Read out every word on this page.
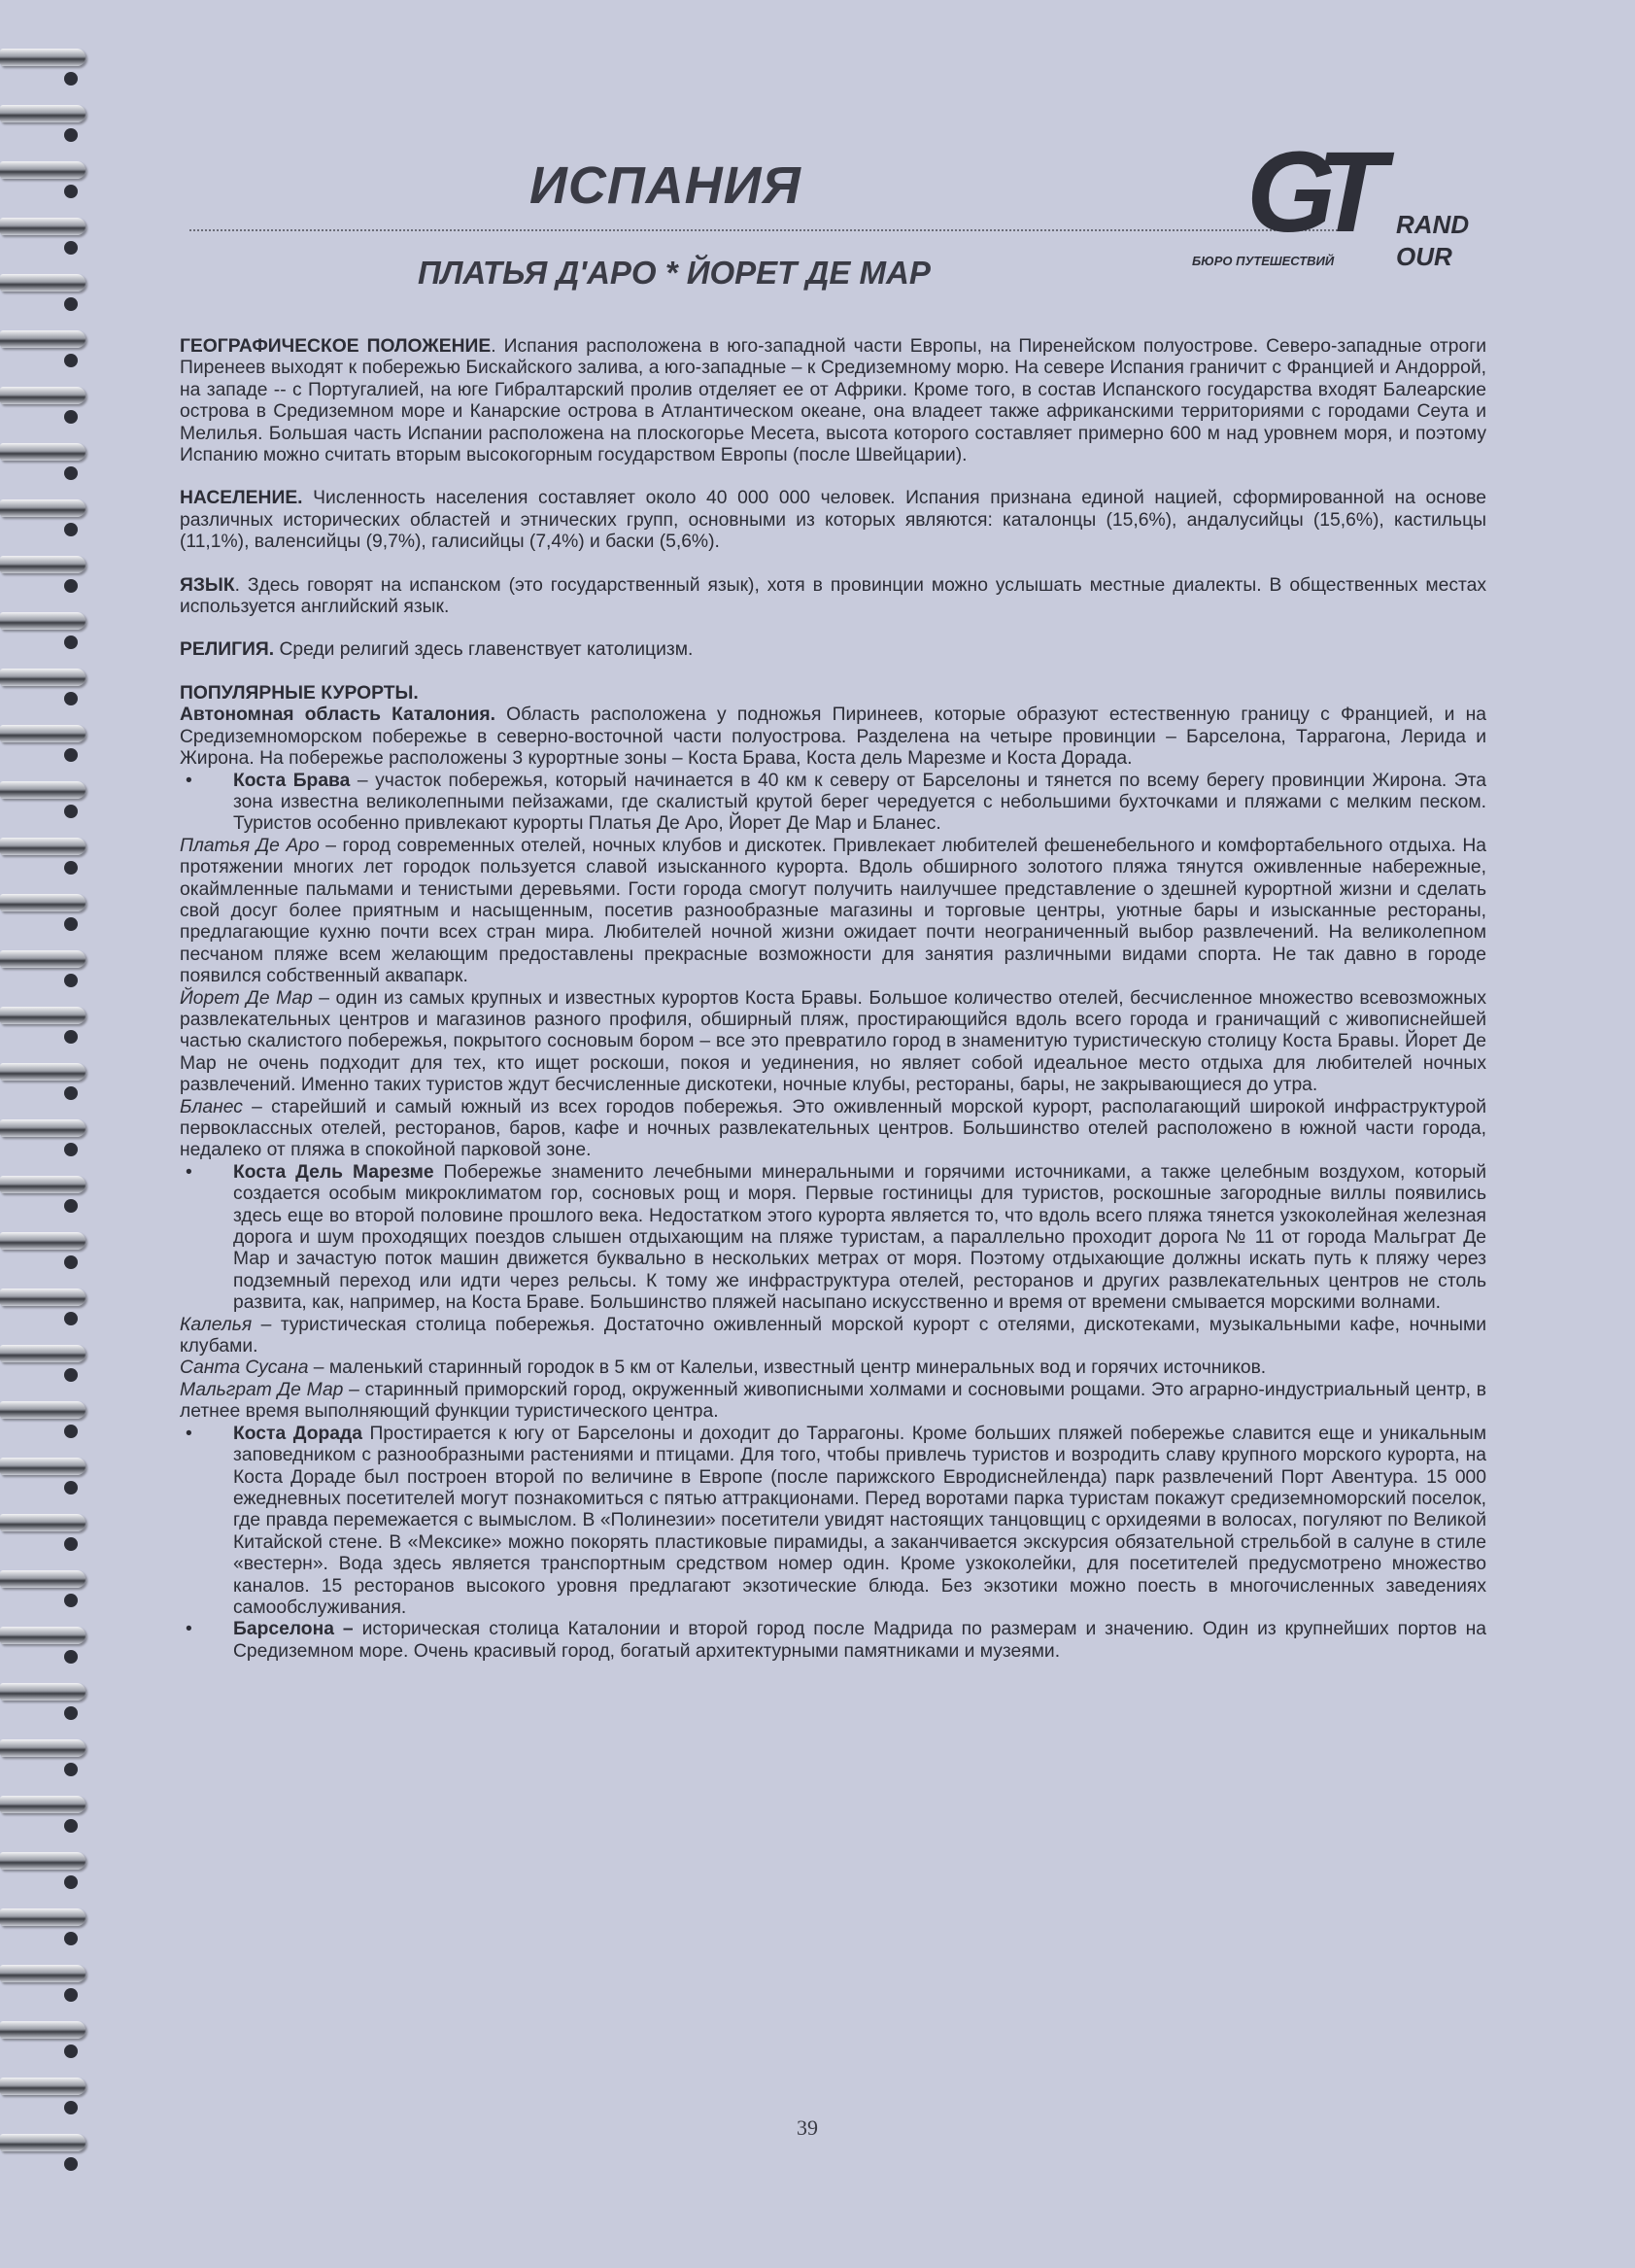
ИСПАНИЯ
ПЛАТЬЯ Д'АРО * ЙОРЕТ ДЕ МАР
GT	RAND
БЮРО ПУТЕШЕСТВИЙ OUR

ГЕОГРАФИЧЕСКОЕ ПОЛОЖЕНИЕ. Испания расположена в юго-западной части Европы, на Пиренейском полуострове. Северо-западные отроги Пиренеев выходят к побережью Бискайского залива, а юго-западные – к Средиземному морю. На севере Испания граничит с Францией и Андоррой, на западе -- с Португалией, на юге Гибралтарский пролив отделяет ее от Африки. Кроме того, в состав Испанского государства входят Балеарские острова в Средиземном море и Канарские острова в Атлантическом океане, она владеет также африканскими территориями с городами Сеута и Мелилья. Большая часть Испании расположена на плоскогорье Месета, высота которого составляет примерно 600 м над уровнем моря, и поэтому Испанию можно считать вторым высокогорным государством Европы (после Швейцарии).

НАСЕЛЕНИЕ. Численность населения составляет около 40 000 000 человек. Испания признана единой нацией, сформированной на основе различных исторических областей и этнических групп, основными из которых являются: каталонцы (15,6%), андалусийцы (15,6%), кастильцы (11,1%), валенсийцы (9,7%), галисийцы (7,4%) и баски (5,6%).

ЯЗЫК. Здесь говорят на испанском (это государственный язык), хотя в провинции можно услышать местные диалекты. В общественных местах используется английский язык.

РЕЛИГИЯ. Среди религий здесь главенствует католицизм.

ПОПУЛЯРНЫЕ КУРОРТЫ.

Автономная область Каталония. Область расположена у подножья Пиринеев, которые образуют естественную границу с Францией, и на Средиземноморском побережье в северно-восточной части полуострова. Разделена на четыре провинции – Барселона, Таррагона, Лерида и Жирона. На побережье расположены 3 курортные зоны – Коста Брава, Коста дель Марезме и Коста Дорада.

• Коста Брава – участок побережья, который начинается в 40 км к северу от Барселоны и тянется по всему берегу провинции Жирона. Эта зона известна великолепными пейзажами, где скалистый крутой берег чередуется с небольшими бухточками и пляжами с мелким песком. Туристов особенно привлекают курорты Платья Де Аро, Йорет Де Мар и Бланес.

Платья Де Аро – город современных отелей, ночных клубов и дискотек. Привлекает любителей фешенебельного и комфортабельного отдыха. На протяжении многих лет городок пользуется славой изысканного курорта. Вдоль обширного золотого пляжа тянутся оживленные набережные, окаймленные пальмами и тенистыми деревьями. Гости города смогут получить наилучшее представление о здешней курортной жизни и сделать свой досуг более приятным и насыщенным, посетив разнообразные магазины и торговые центры, уютные бары и изысканные рестораны, предлагающие кухню почти всех стран мира. Любителей ночной жизни ожидает почти неограниченный выбор развлечений. На великолепном песчаном пляже всем желающим предоставлены прекрасные возможности для занятия различными видами спорта. Не так давно в городе появился собственный аквапарк.

Йорет Де Мар – один из самых крупных и известных курортов Коста Бравы. Большое количество отелей, бесчисленное множество всевозможных развлекательных центров и магазинов разного профиля, обширный пляж, простирающийся вдоль всего города и граничащий с живописнейшей частью скалистого побережья, покрытого сосновым бором – все это превратило город в знаменитую туристическую столицу Коста Бравы. Йорет Де Мар не очень подходит для тех, кто ищет роскоши, покоя и уединения, но являет собой идеальное место отдыха для любителей ночных развлечений. Именно таких туристов ждут бесчисленные дискотеки, ночные клубы, рестораны, бары, не закрывающиеся до утра.

Бланес – старейший и самый южный из всех городов побережья. Это оживленный морской курорт, располагающий широкой инфраструктурой первоклассных отелей, ресторанов, баров, кафе и ночных развлекательных центров. Большинство отелей расположено в южной части города, недалеко от пляжа в спокойной парковой зоне.

• Коста Дель Марезме Побережье знаменито лечебными минеральными и горячими источниками, а также целебным воздухом, который создается особым микроклиматом гор, сосновых рощ и моря. Первые гостиницы для туристов, роскошные загородные виллы появились здесь еще во второй половине прошлого века. Недостатком этого курорта является то, что вдоль всего пляжа тянется узкоколейная железная дорога и шум проходящих поездов слышен отдыхающим на пляже туристам, а параллельно проходит дорога № 11 от города Мальграт Де Мар и зачастую поток машин движется буквально в нескольких метрах от моря. Поэтому отдыхающие должны искать путь к пляжу через подземный переход или идти через рельсы. К тому же инфраструктура отелей, ресторанов и других развлекательных центров не столь развита, как, например, на Коста Браве. Большинство пляжей насыпано искусственно и время от времени смывается морскими волнами.

Калелья – туристическая столица побережья. Достаточно оживленный морской курорт с отелями, дискотеками, музыкальными кафе, ночными клубами.

Санта Сусана – маленький старинный городок в 5 км от Калельи, известный центр минеральных вод и горячих источников.

Мальграт Де Мар – старинный приморский город, окруженный живописными холмами и сосновыми рощами. Это аграрно-индустриальный центр, в летнее время выполняющий функции туристического центра.

• Коста Дорада Простирается к югу от Барселоны и доходит до Таррагоны. Кроме больших пляжей побережье славится еще и уникальным заповедником с разнообразными растениями и птицами. Для того, чтобы привлечь туристов и возродить славу крупного морского курорта, на Коста Дораде был построен второй по величине в Европе (после парижского Евродиснейленда) парк развлечений Порт Авентура. 15 000 ежедневных посетителей могут познакомиться с пятью аттракционами. Перед воротами парка туристам покажут средиземноморский поселок, где правда перемежается с вымыслом. В «Полинезии» посетители увидят настоящих танцовщиц с орхидеями в волосах, погуляют по Великой Китайской стене. В «Мексике» можно покорять пластиковые пирамиды, а заканчивается экскурсия обязательной стрельбой в салуне в стиле «вестерн». Вода здесь является транспортным средством номер один. Кроме узкоколейки, для посетителей предусмотрено множество каналов. 15 ресторанов высокого уровня предлагают экзотические блюда. Без экзотики можно поесть в многочисленных заведениях самообслуживания.

• Барселона – историческая столица Каталонии и второй город после Мадрида по размерам и значению. Один из крупнейших портов на Средиземном море. Очень красивый город, богатый архитектурными памятниками и музеями.

39
